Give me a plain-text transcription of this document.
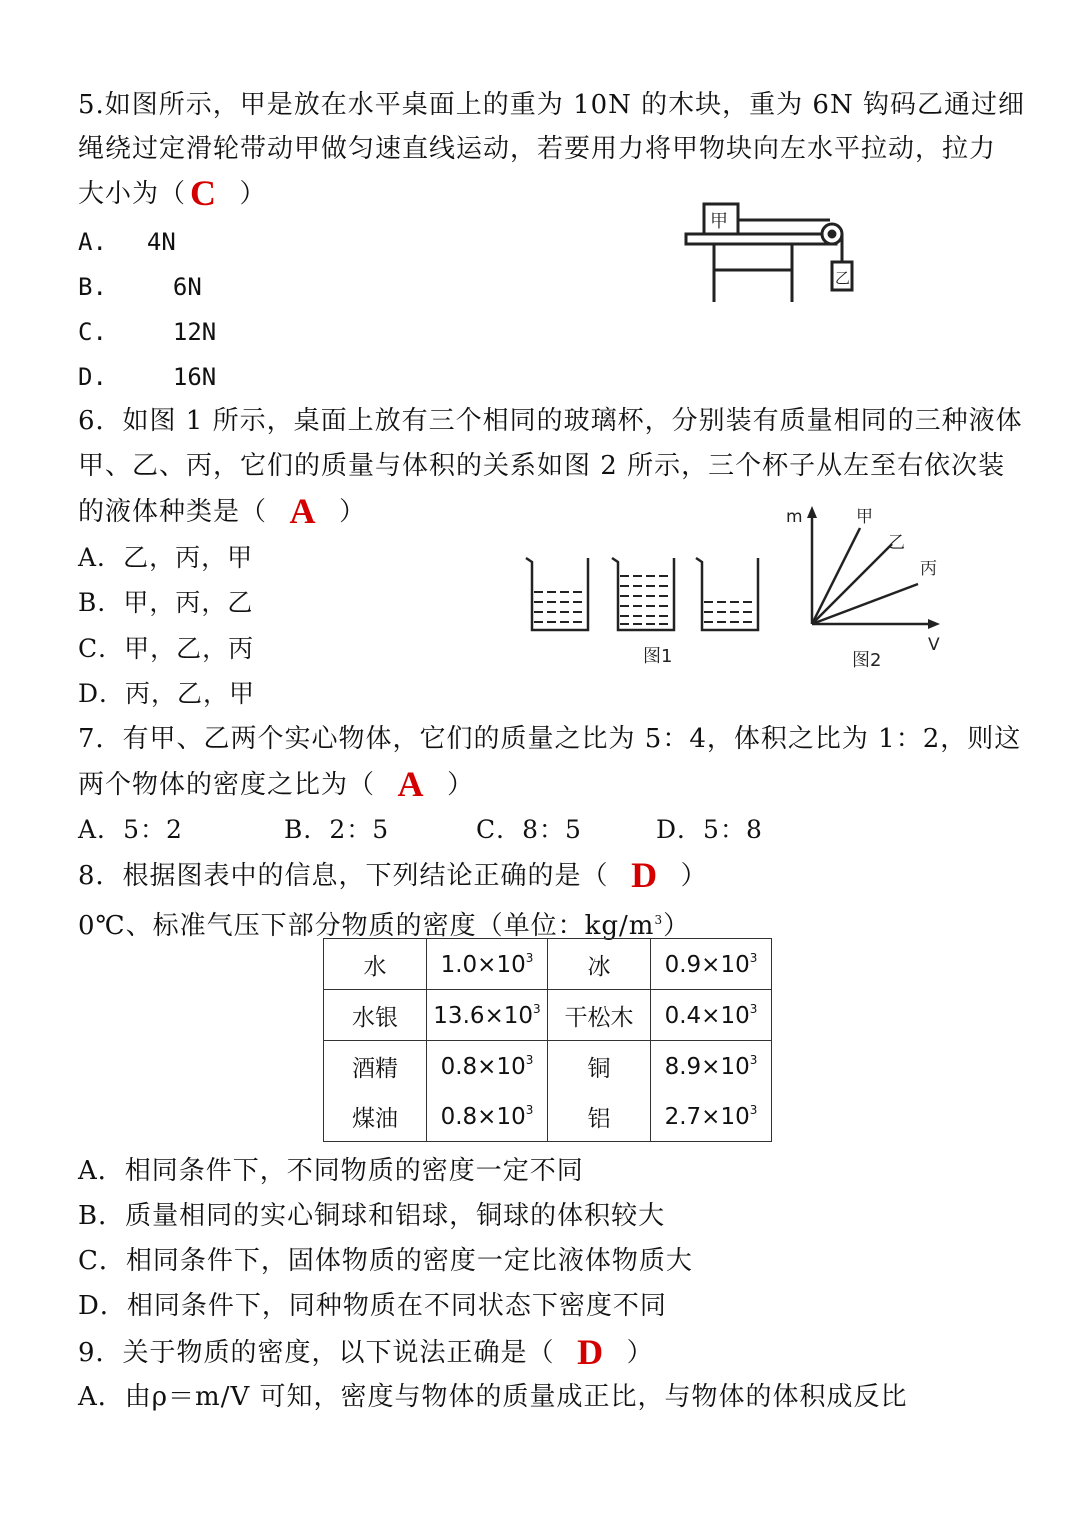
5.如图所示，甲是放在水平桌面上的重为 10N 的木块，重为 6N 钩码乙通过细
绳绕过定滑轮带动甲做匀速直线运动，若要用力将甲物块向左水平拉动，拉力
大小为（ C ）
A. 4N
B.	6N
C.	12N
D.	16N
甲
乙
6．如图 1 所示，桌面上放有三个相同的玻璃杯，分别装有质量相同的三种液体
甲、乙、丙，它们的质量与体积的关系如图 2 所示，三个杯子从左至右依次装
的液体种类是（ A ）
A．乙，丙，甲
B．甲，丙，乙
C．甲，乙，丙
D．丙，乙，甲
图1
m
V
甲
乙
丙
图2
7．有甲、乙两个实心物体，它们的质量之比为 5：4，体积之比为 1：2，则这
两个物体的密度之比为（ A ）
A．5：2	B．2：5	C．8：5	D．5：8
8．根据图表中的信息，下列结论正确的是（ D ）
0℃、标准气压下部分物质的密度（单位：$kg/m^3$）
水	$1.0\times 10^3$	冰	$0.9\times 10^3$
水银	$13.6\times 10^3$	干松木	$0.4\times 10^3$
酒精	$0.8\times 10^3$	铜	$8.9\times 10^3$
煤油	$0.8\times 10^3$	铝	$2.7\times 10^3$
A．相同条件下，不同物质的密度一定不同
B．质量相同的实心铜球和铝球，铜球的体积较大
C．相同条件下，固体物质的密度一定比液体物质大
D．相同条件下，同种物质在不同状态下密度不同
9．关于物质的密度，以下说法正确是（ D ）
A．由ρ＝m/V 可知，密度与物体的质量成正比，与物体的体积成反比
